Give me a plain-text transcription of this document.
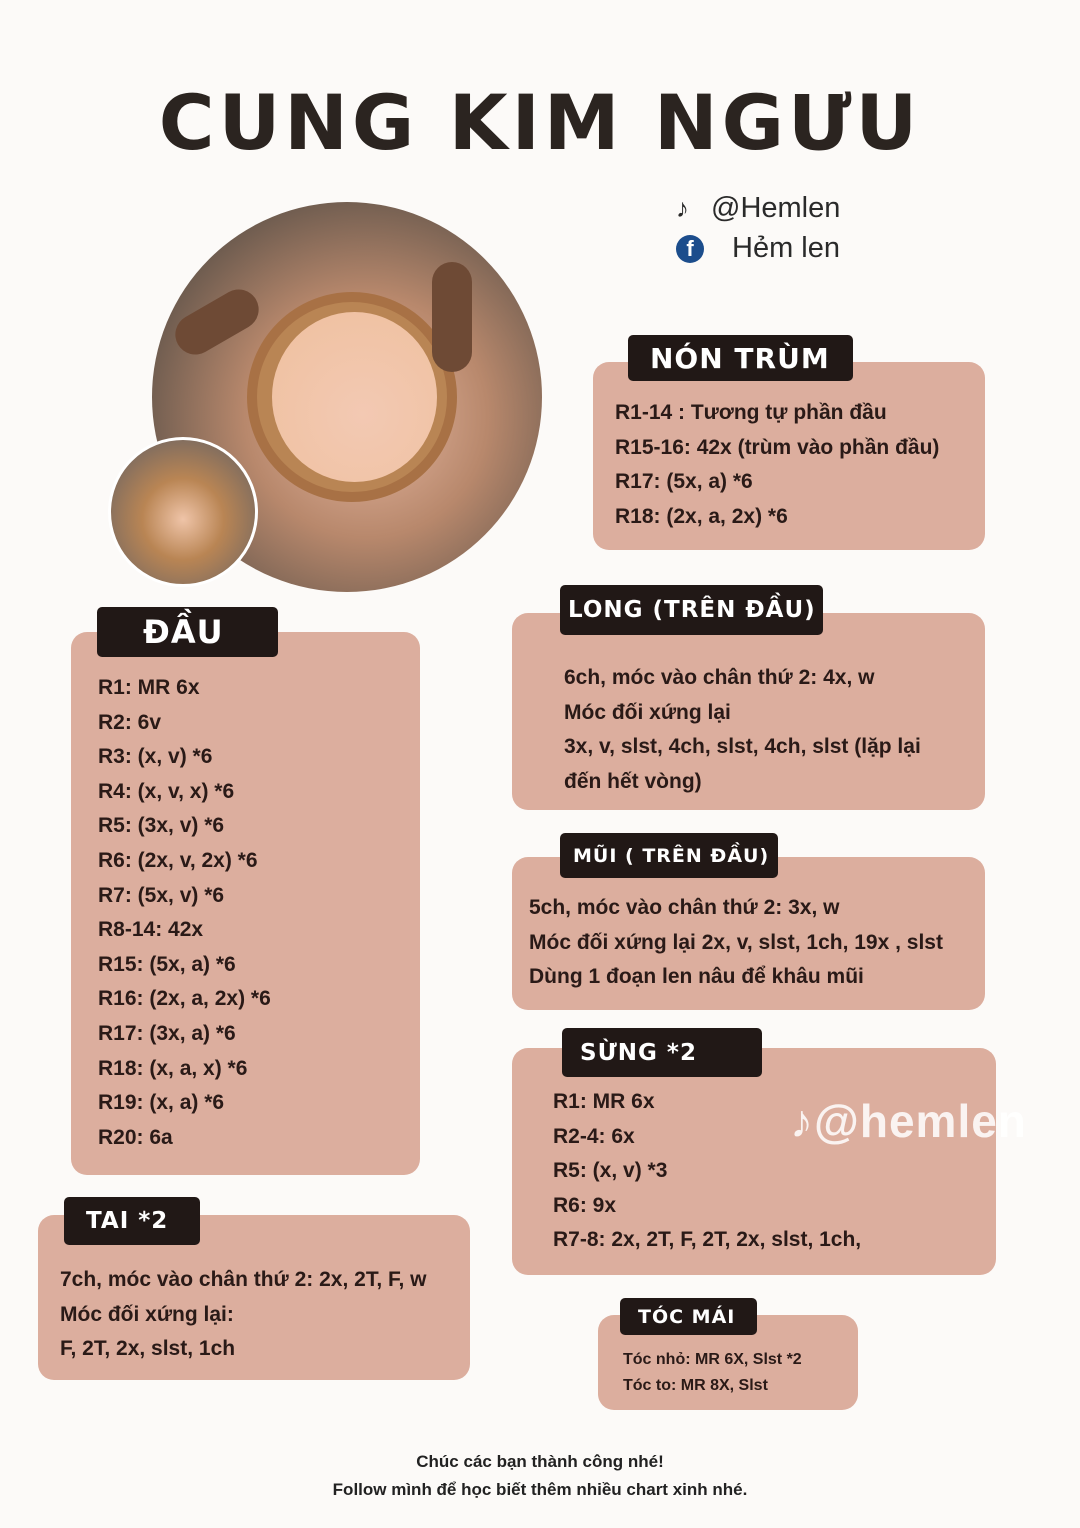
CUNG KIM NGƯU
♪ @Hemlen
f	Hẻm len
NÓN TRÙM
R1-14 : Tương tự phần đầu
R15-16: 42x (trùm vào phần đầu)
R17: (5x, a) *6
R18: (2x, a, 2x) *6
LONG (TRÊN ĐẦU)
6ch, móc vào chân thứ 2: 4x, w
Móc đối xứng lại
3x, v, slst, 4ch, slst, 4ch, slst (lặp lại
đến hết vòng)
MŨI ( TRÊN ĐẦU)
5ch, móc vào chân thứ 2: 3x, w
Móc đối xứng lại 2x, v, slst, 1ch, 19x , slst
Dùng 1 đoạn len nâu để khâu mũi
SỪNG *2
R1: MR 6x
R2-4: 6x
R5: (x, v) *3
R6: 9x
R7-8: 2x, 2T, F, 2T, 2x, slst, 1ch,
♪@hemlen
TÓC MÁI
Tóc nhỏ: MR 6X, Slst *2
Tóc to: MR 8X, Slst
ĐẦU
R1: MR 6x
R2: 6v
R3: (x, v) *6
R4: (x, v, x) *6
R5: (3x, v) *6
R6: (2x, v, 2x) *6
R7: (5x, v) *6
R8-14: 42x
R15: (5x, a) *6
R16: (2x, a, 2x) *6
R17: (3x, a) *6
R18: (x, a, x) *6
R19: (x, a) *6
R20: 6a
TAI *2
7ch, móc vào chân thứ 2: 2x, 2T, F, w
Móc đối xứng lại:
F, 2T, 2x, slst, 1ch
Chúc các bạn thành công nhé!
Follow mình để học biết thêm nhiều chart xinh nhé.
